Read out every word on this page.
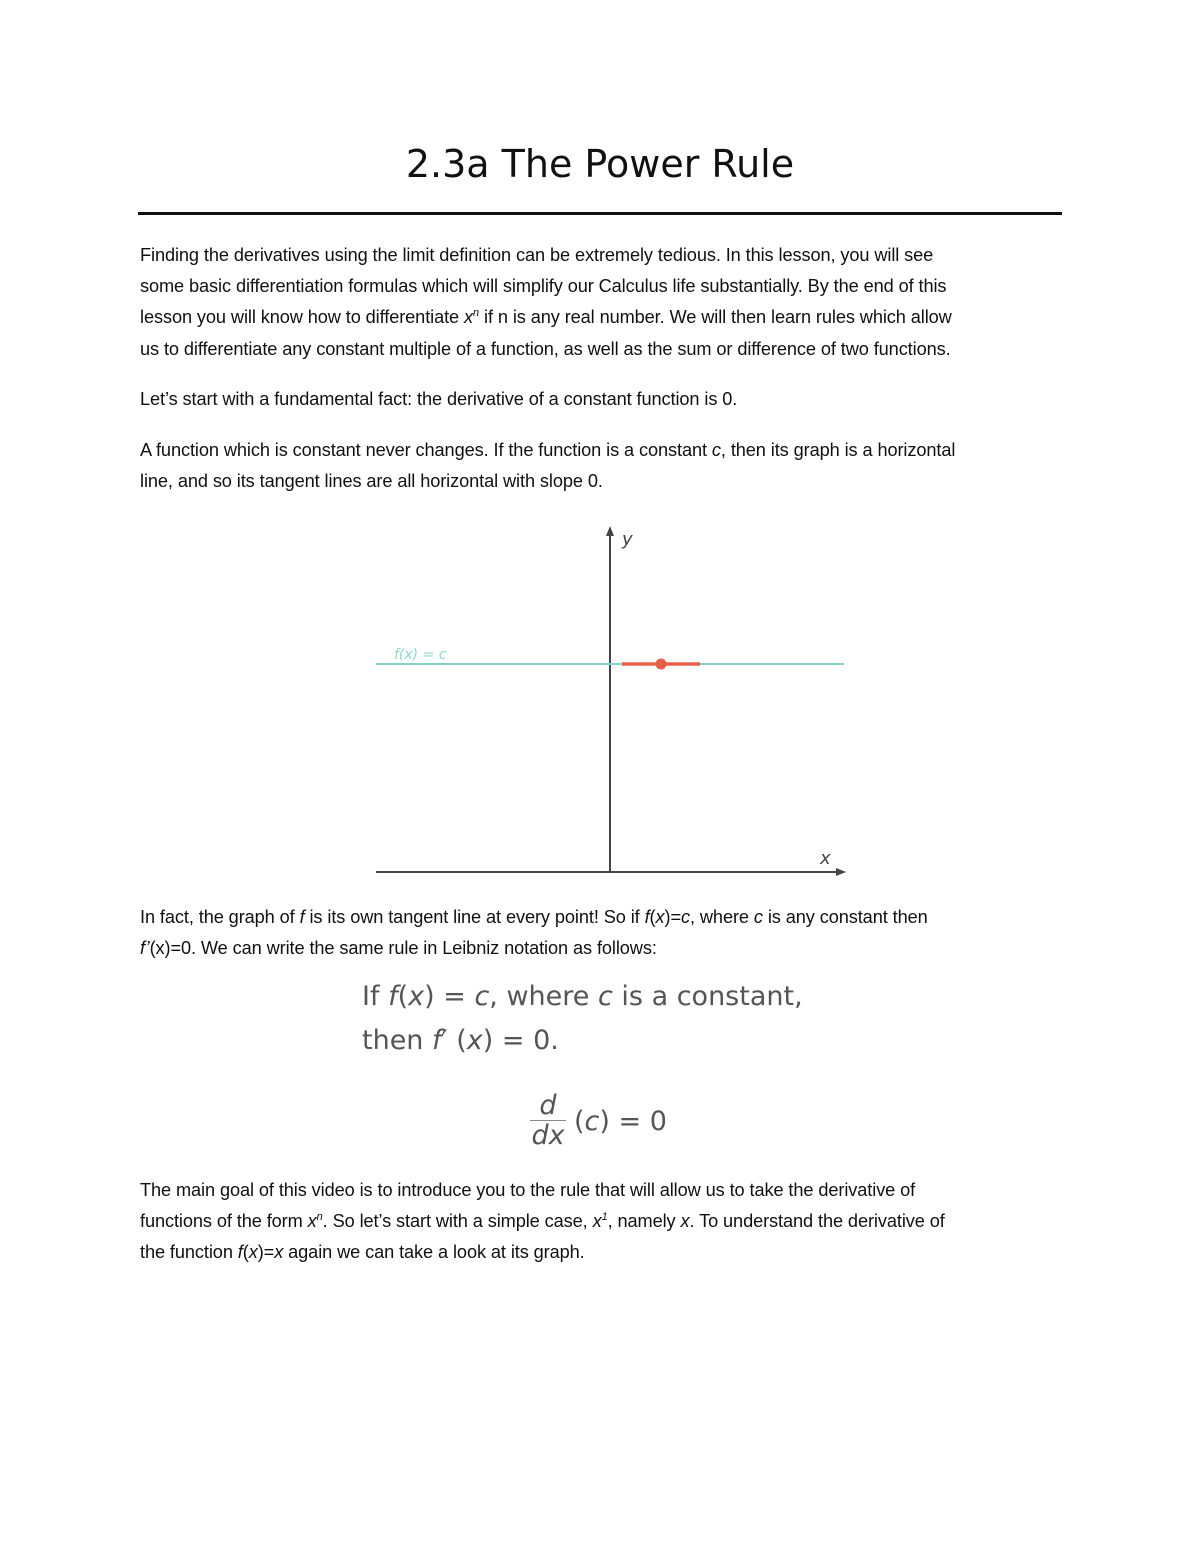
2.3a The Power Rule

Finding the derivatives using the limit definition can be extremely tedious. In this lesson, you will see
some basic differentiation formulas which will simplify our Calculus life substantially. By the end of this
lesson you will know how to differentiate $x^n$ if n is any real number. We will then learn rules which allow
us to differentiate any constant multiple of a function, as well as the sum or difference of two functions.

Let’s start with a fundamental fact: the derivative of a constant function is 0.

A function which is constant never changes. If the function is a constant c, then its graph is a horizontal
line, and so its tangent lines are all horizontal with slope 0.

y
x
f(x) = c

In fact, the graph of f is its own tangent line at every point! So if f(x)=c, where c is any constant then
f’(x)=0. We can write the same rule in Leibniz notation as follows:

If f(x) = c, where c is a constant,
then f′ (x) = 0.
d
dx (c) = 0

The main goal of this video is to introduce you to the rule that will allow us to take the derivative of
functions of the form $x^n$. So let’s start with a simple case, $x^1$, namely x. To understand the derivative of
the function f(x)=x again we can take a look at its graph.
